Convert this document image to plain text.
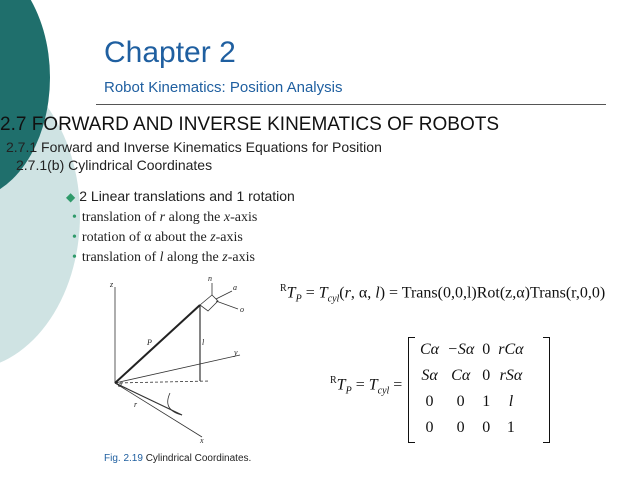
Chapter 2
Robot Kinematics: Position Analysis
2.7 FORWARD AND INVERSE KINEMATICS OF ROBOTS
2.7.1 Forward and Inverse Kinematics Equations for Position
2.7.1(b) Cylindrical Coordinates
◆ 2 Linear translations and 1 rotation
• translation of r along the x-axis
• rotation of α about the z-axis
• translation of l along the z-axis
$^RT_P = T_{cyl}(r$, α, l) = Trans(0,0,l)Rot(z,α)Trans(r,0,0)
$^RT_P = T_{cyl}$ =
Cα	−Sα	0	rCα
Sα	Cα	0	rSα
0	0	1	l
0	0	0	1
z
n
a
o
P	l
y
α
r
x
Fig. 2.19 Cylindrical Coordinates.
